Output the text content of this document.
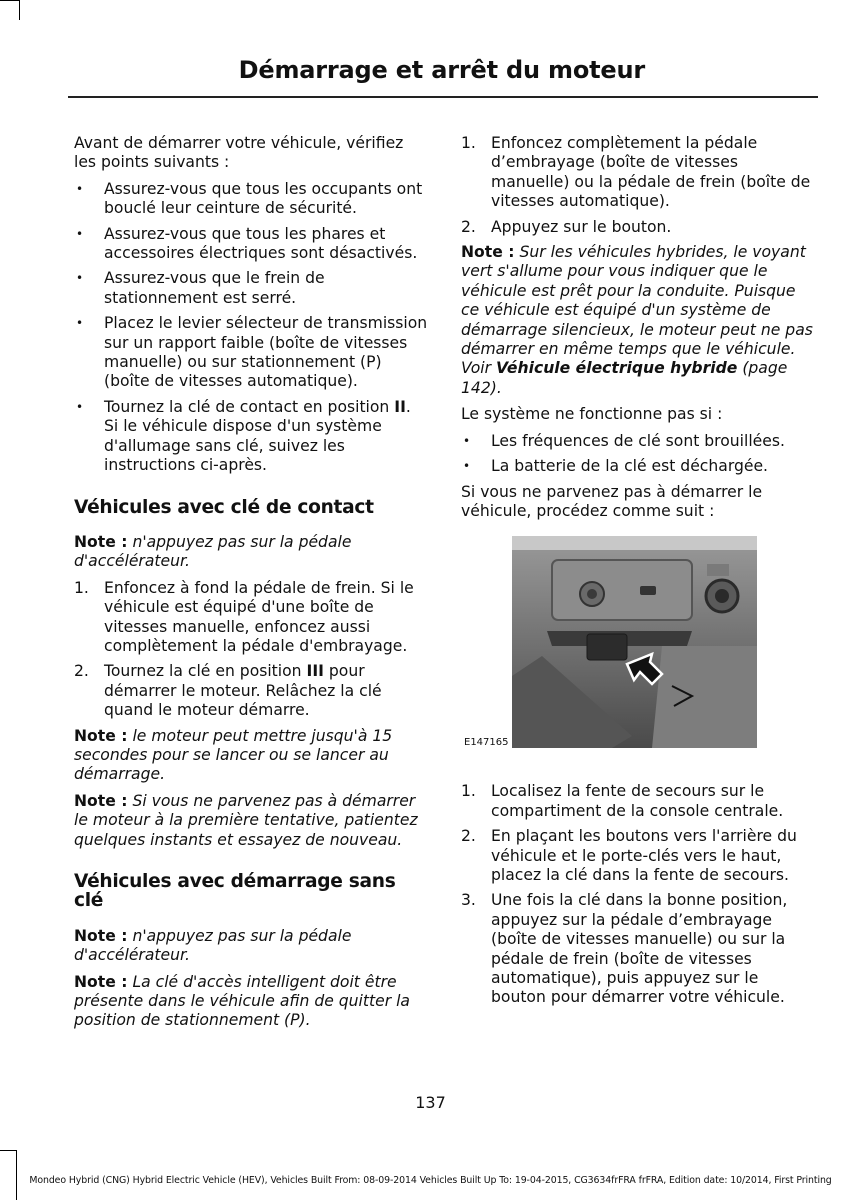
Démarrage et arrêt du moteur

Avant de démarrer votre véhicule, vérifiez les points suivants :

• Assurez-vous que tous les occupants ont bouclé leur ceinture de sécurité.
• Assurez-vous que tous les phares et accessoires électriques sont désactivés.
• Assurez-vous que le frein de stationnement est serré.
• Placez le levier sélecteur de transmission sur un rapport faible (boîte de vitesses manuelle) ou sur stationnement (P) (boîte de vitesses automatique).
• Tournez la clé de contact en position II. Si le véhicule dispose d'un système d'allumage sans clé, suivez les instructions ci-après.
Véhicules avec clé de contact

Note : n'appuyez pas sur la pédale d'accélérateur.

1. Enfoncez à fond la pédale de frein. Si le véhicule est équipé d'une boîte de vitesses manuelle, enfoncez aussi complètement la pédale d'embrayage.
2. Tournez la clé en position III pour démarrer le moteur. Relâchez la clé quand le moteur démarre.

Note : le moteur peut mettre jusqu'à 15 secondes pour se lancer ou se lancer au démarrage.

Note : Si vous ne parvenez pas à démarrer le moteur à la première tentative, patientez quelques instants et essayez de nouveau.

Véhicules avec démarrage sans clé

Note : n'appuyez pas sur la pédale d'accélérateur.

Note : La clé d'accès intelligent doit être présente dans le véhicule afin de quitter la position de stationnement (P).

1. Enfoncez complètement la pédale d’embrayage (boîte de vitesses manuelle) ou la pédale de frein (boîte de vitesses automatique).
2. Appuyez sur le bouton.

Note : Sur les véhicules hybrides, le voyant vert s'allume pour vous indiquer que le véhicule est prêt pour la conduite. Puisque ce véhicule est équipé d'un système de démarrage silencieux, le moteur peut ne pas démarrer en même temps que le véhicule. Voir Véhicule électrique hybride (page 142).

Le système ne fonctionne pas si :

• Les fréquences de clé sont brouillées.
• La batterie de la clé est déchargée.

Si vous ne parvenez pas à démarrer le véhicule, procédez comme suit :

E147165
1. Localisez la fente de secours sur le compartiment de la console centrale.
2. En plaçant les boutons vers l'arrière du véhicule et le porte-clés vers le haut, placez la clé dans la fente de secours.
3. Une fois la clé dans la bonne position, appuyez sur la pédale d’embrayage (boîte de vitesses manuelle) ou sur la pédale de frein (boîte de vitesses automatique), puis appuyez sur le bouton pour démarrer votre véhicule.
137
Mondeo Hybrid (CNG) Hybrid Electric Vehicle (HEV), Vehicles Built From: 08-09-2014 Vehicles Built Up To: 19-04-2015, CG3634frFRA frFRA, Edition date: 10/2014, First Printing
